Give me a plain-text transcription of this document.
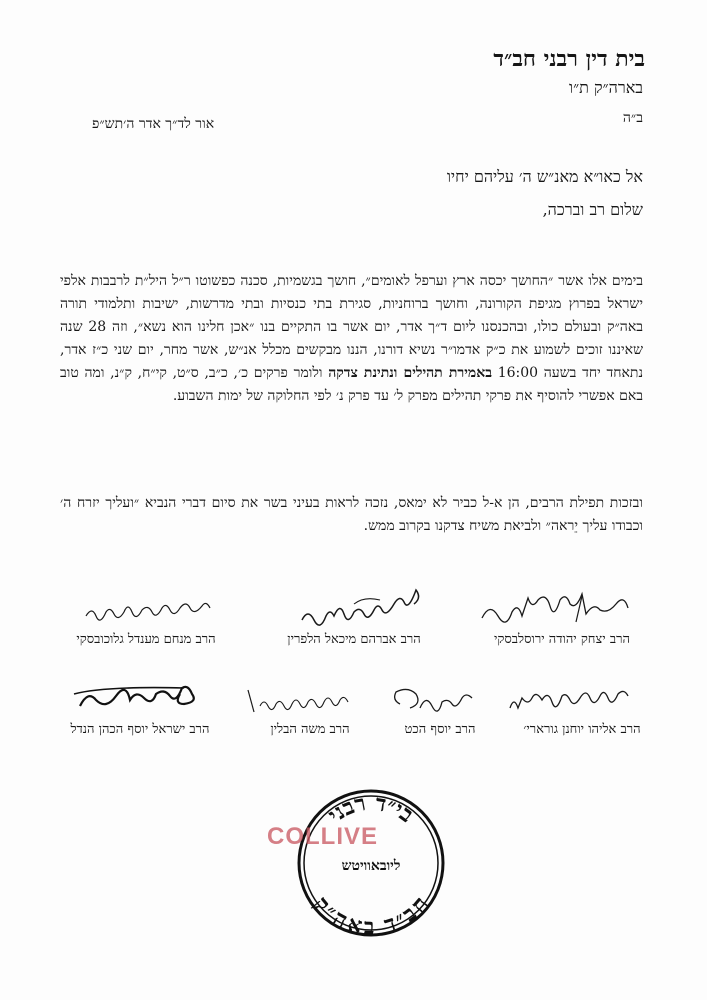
בית דין רבני חב״ד
בארה״ק ת״ו
ב״ה
אור לד״ך אדר ה׳תש״פ
אל כאו״א מאנ״ש ה׳ עליהם יחיו
שלום רב וברכה,
בימים אלו אשר ״החושך יכסה ארץ וערפל לאומים״, חושך בגשמיות, סכנה כפשוטו ר״ל היל״ת לרבבות אלפי ישראל בפרוץ מגיפת הקורונה, וחושך ברוחניות, סגירת בתי כנסיות ובתי מדרשות, ישיבות ותלמודי תורה באה״ק ובעולם כולו, ובהכנסנו ליום ד״ך אדר, יום אשר בו התקיים בנו ״אכן חלינו הוא נשא״, וזה 28 שנה שאיננו זוכים לשמוע את כ״ק אדמו״ר נשיא דורנו, הננו מבקשים מכלל אנ״ש, אשר מחר, יום שני כ״ז אדר, נתאחד יחד בשעה 16:00 באמירת תהילים ונתינת צדקה ולומר פרקים כ׳, כ״ב, ס״ט, קי״ח, ק״נ, ומה טוב באם אפשרי להוסיף את פרקי תהילים מפרק ל׳ עד פרק נ׳ לפי החלוקה של ימות השבוע.
ובזכות תפילת הרבים, הן א-ל כביר לא ימאס, נזכה לראות בעיני בשר את סיום דברי הנביא ״ועליך יזרח ה׳ וכבודו עליך יֵראה״ ולביאת משיח צדקנו בקרוב ממש.
הרב יצחק יהודה ירוסלבסקי
הרב אברהם מיכאל הלפרין
הרב מנחם מענדל גלוכובסקי
הרב אליהו יוחנן גורארי׳
הרב יוסף הכט
הרב משה הבלין
הרב ישראל יוסף הכהן הנדל
בי״ד רבני
ליובאוויטש
חב״ד באה״ק
COLLIVE
